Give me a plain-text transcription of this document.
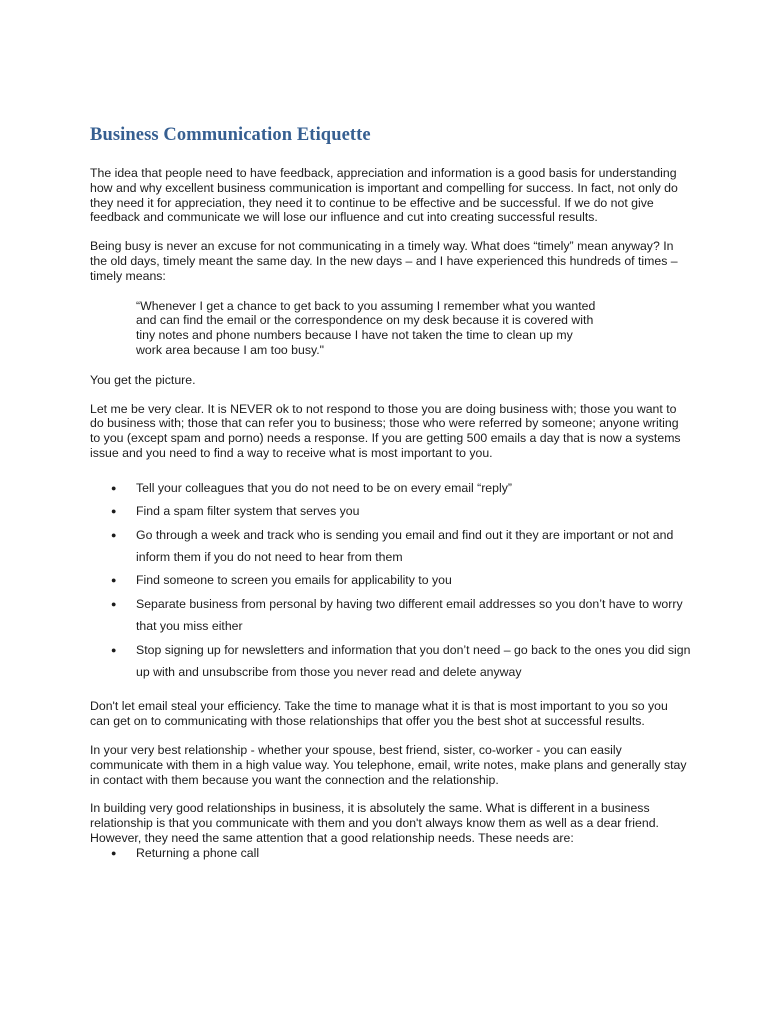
Business Communication Etiquette

The idea that people need to have feedback, appreciation and information is a good basis for understanding how and why excellent business communication is important and compelling for success. In fact, not only do they need it for appreciation, they need it to continue to be effective and be successful. If we do not give feedback and communicate we will lose our influence and cut into creating successful results.

Being busy is never an excuse for not communicating in a timely way. What does “timely” mean anyway? In the old days, timely meant the same day. In the new days – and I have experienced this hundreds of times – timely means:

“Whenever I get a chance to get back to you assuming I remember what you wanted and can find the email or the correspondence on my desk because it is covered with tiny notes and phone numbers because I have not taken the time to clean up my work area because I am too busy."

You get the picture.

Let me be very clear. It is NEVER ok to not respond to those you are doing business with; those you want to do business with; those that can refer you to business; those who were referred by someone; anyone writing to you (except spam and porno) needs a response. If you are getting 500 emails a day that is now a systems issue and you need to find a way to receive what is most important to you.

● Tell your colleagues that you do not need to be on every email “reply”
● Find a spam filter system that serves you
● Go through a week and track who is sending you email and find out it they are important or not and inform them if you do not need to hear from them
● Find someone to screen you emails for applicability to you
● Separate business from personal by having two different email addresses so you don’t have to worry that you miss either
● Stop signing up for newsletters and information that you don’t need – go back to the ones you did sign up with and unsubscribe from those you never read and delete anyway

Don't let email steal your efficiency. Take the time to manage what it is that is most important to you so you can get on to communicating with those relationships that offer you the best shot at successful results.

In your very best relationship - whether your spouse, best friend, sister, co-worker - you can easily communicate with them in a high value way. You telephone, email, write notes, make plans and generally stay in contact with them because you want the connection and the relationship.

In building very good relationships in business, it is absolutely the same. What is different in a business relationship is that you communicate with them and you don't always know them as well as a dear friend. However, they need the same attention that a good relationship needs. These needs are:

● Returning a phone call
